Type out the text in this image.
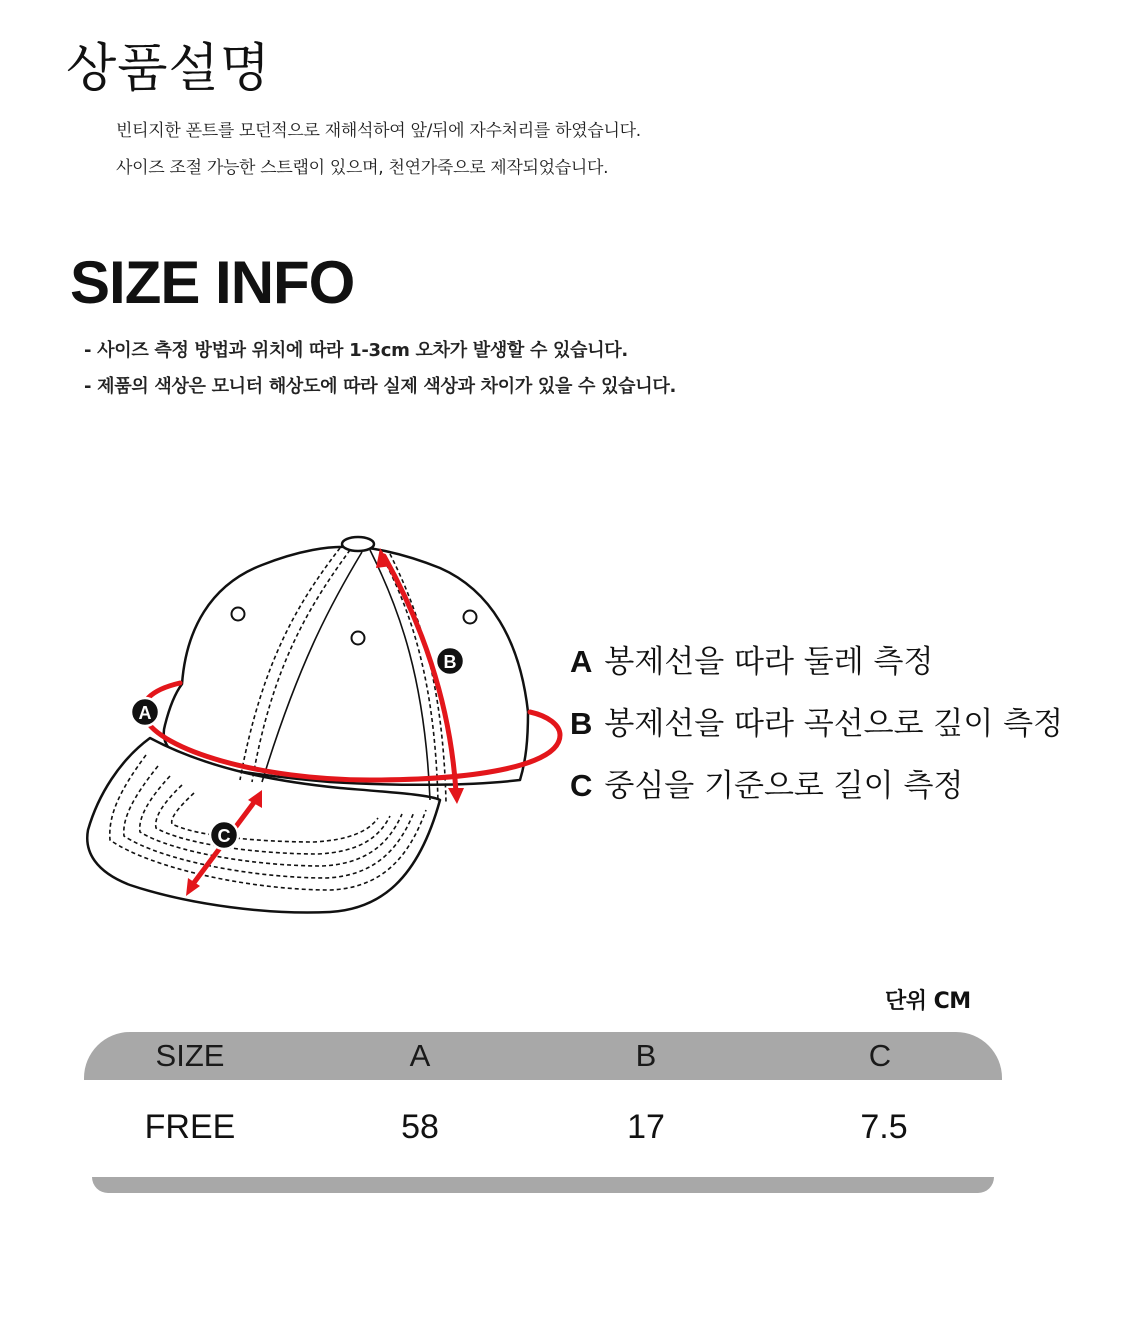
상품설명
빈티지한 폰트를 모던적으로 재해석하여 앞/뒤에 자수처리를 하였습니다.
사이즈 조절 가능한 스트랩이 있으며, 천연가죽으로 제작되었습니다.
SIZE INFO
- 사이즈 측정 방법과 위치에 따라 1-3cm 오차가 발생할 수 있습니다.
- 제품의 색상은 모니터 해상도에 따라 실제 색상과 차이가 있을 수 있습니다.
A
B
C
A 봉제선을 따라 둘레 측정
B 봉제선을 따라 곡선으로 깊이 측정
C 중심을 기준으로 길이 측정
단위 CM
SIZE	A	B	C
FREE	58	17	7.5
